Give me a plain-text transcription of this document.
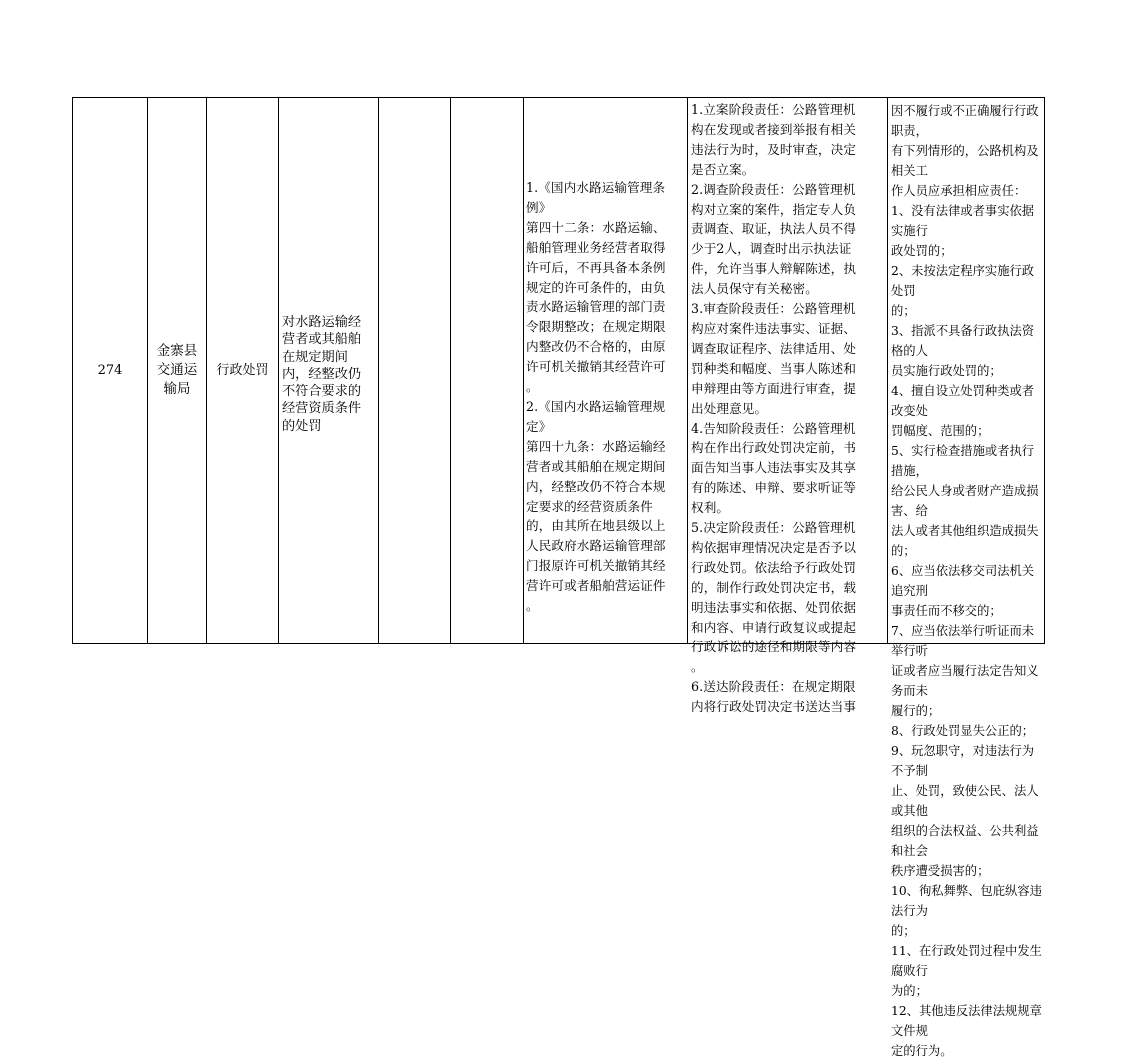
274
金寨县
交通运
输局
行政处罚
对水路运输经
营者或其船舶
在规定期间
内，经整改仍
不符合要求的
经营资质条件
的处罚
1.《国内水路运输管理条
例》
第四十二条：水路运输、
船舶管理业务经营者取得
许可后，不再具备本条例
规定的许可条件的，由负
责水路运输管理的部门责
令限期整改；在规定期限
内整改仍不合格的，由原
许可机关撤销其经营许可
。
2.《国内水路运输管理规
定》
第四十九条：水路运输经
营者或其船舶在规定期间
内，经整改仍不符合本规
定要求的经营资质条件
的，由其所在地县级以上
人民政府水路运输管理部
门报原许可机关撤销其经
营许可或者船舶营运证件
。
1.立案阶段责任：公路管理机
构在发现或者接到举报有相关
违法行为时，及时审查，决定
是否立案。
2.调查阶段责任：公路管理机
构对立案的案件，指定专人负
责调查、取证，执法人员不得
少于2人，调查时出示执法证
件，允许当事人辩解陈述，执
法人员保守有关秘密。
3.审查阶段责任：公路管理机
构应对案件违法事实、证据、
调查取证程序、法律适用、处
罚种类和幅度、当事人陈述和
申辩理由等方面进行审查，提
出处理意见。
4.告知阶段责任：公路管理机
构在作出行政处罚决定前，书
面告知当事人违法事实及其享
有的陈述、申辩、要求听证等
权利。
5.决定阶段责任：公路管理机
构依据审理情况决定是否予以
行政处罚。依法给予行政处罚
的，制作行政处罚决定书，载
明违法事实和依据、处罚依据
和内容、申请行政复议或提起
行政诉讼的途径和期限等内容
。
6.送达阶段责任：在规定期限
内将行政处罚决定书送达当事
因不履行或不正确履行行政职责，
有下列情形的，公路机构及相关工
作人员应承担相应责任：
1、没有法律或者事实依据实施行
政处罚的；
2、未按法定程序实施行政处罚
的；
3、指派不具备行政执法资格的人
员实施行政处罚的；
4、擅自设立处罚种类或者改变处
罚幅度、范围的；
5、实行检查措施或者执行措施，
给公民人身或者财产造成损害、给
法人或者其他组织造成损失的；
6、应当依法移交司法机关追究刑
事责任而不移交的；
7、应当依法举行听证而未举行听
证或者应当履行法定告知义务而未
履行的；
8、行政处罚显失公正的；
9、玩忽职守，对违法行为不予制
止、处罚，致使公民、法人或其他
组织的合法权益、公共利益和社会
秩序遭受损害的；
10、徇私舞弊、包庇纵容违法行为
的；
11、在行政处罚过程中发生腐败行
为的；
12、其他违反法律法规规章文件规
定的行为。
